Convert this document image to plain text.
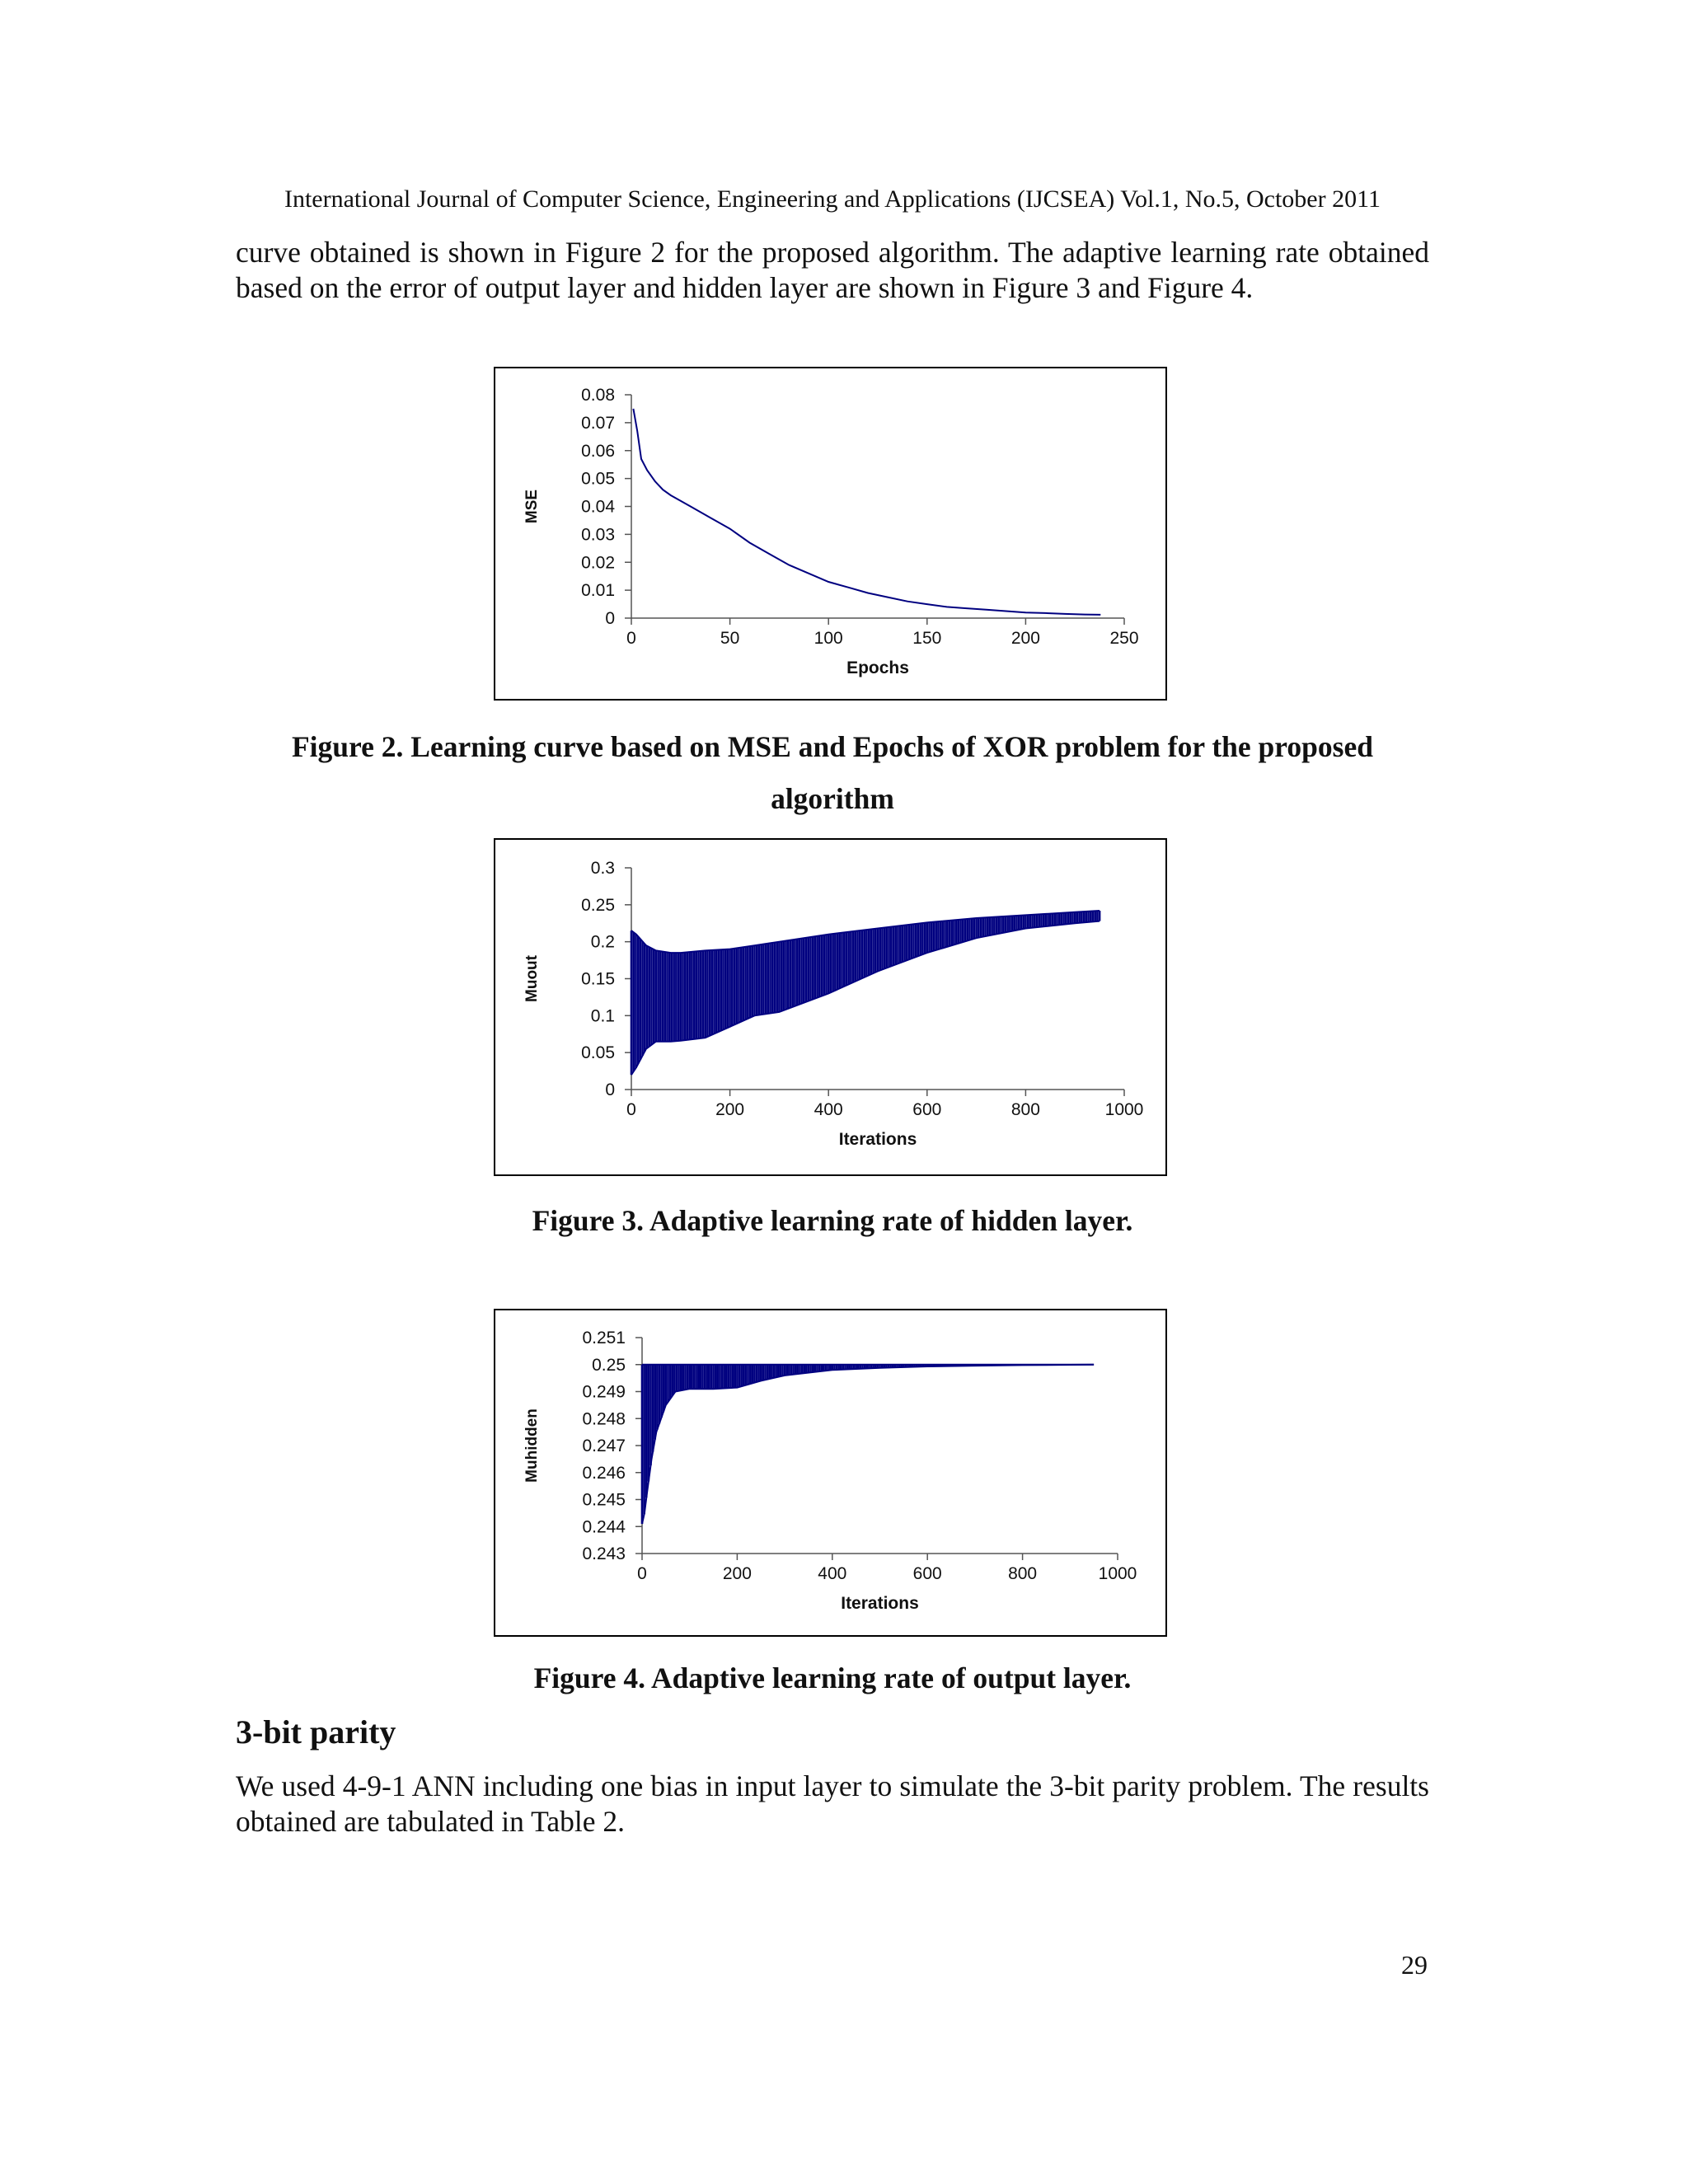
International Journal of Computer Science, Engineering and Applications (IJCSEA) Vol.1, No.5, October 2011

curve obtained is shown in Figure 2 for the proposed algorithm. The adaptive learning rate obtained based on the error of output layer and hidden layer are shown in Figure 3 and Figure 4.

0
0.01
0.02
0.03
0.04
0.05
0.06
0.07
0.08
0	50	100	150	200	250
Epochs
MSE
Figure 2. Learning curve based on MSE and Epochs of XOR problem for the proposed algorithm
0
0.05
0.1
0.15
0.2
0.25
0.3
0	200	400	600	800	1000
Iterations
Muout
Figure 3. Adaptive learning rate of hidden layer.
0.243
0.244
0.245
0.246
0.247
0.248
0.249
0.25
0.251
0	200	400	600	800	1000
Iterations
Muhidden
Figure 4. Adaptive learning rate of output layer.
3-bit parity

We used 4-9-1 ANN including one bias in input layer to simulate the 3-bit parity problem. The results obtained are tabulated in Table 2.

29
